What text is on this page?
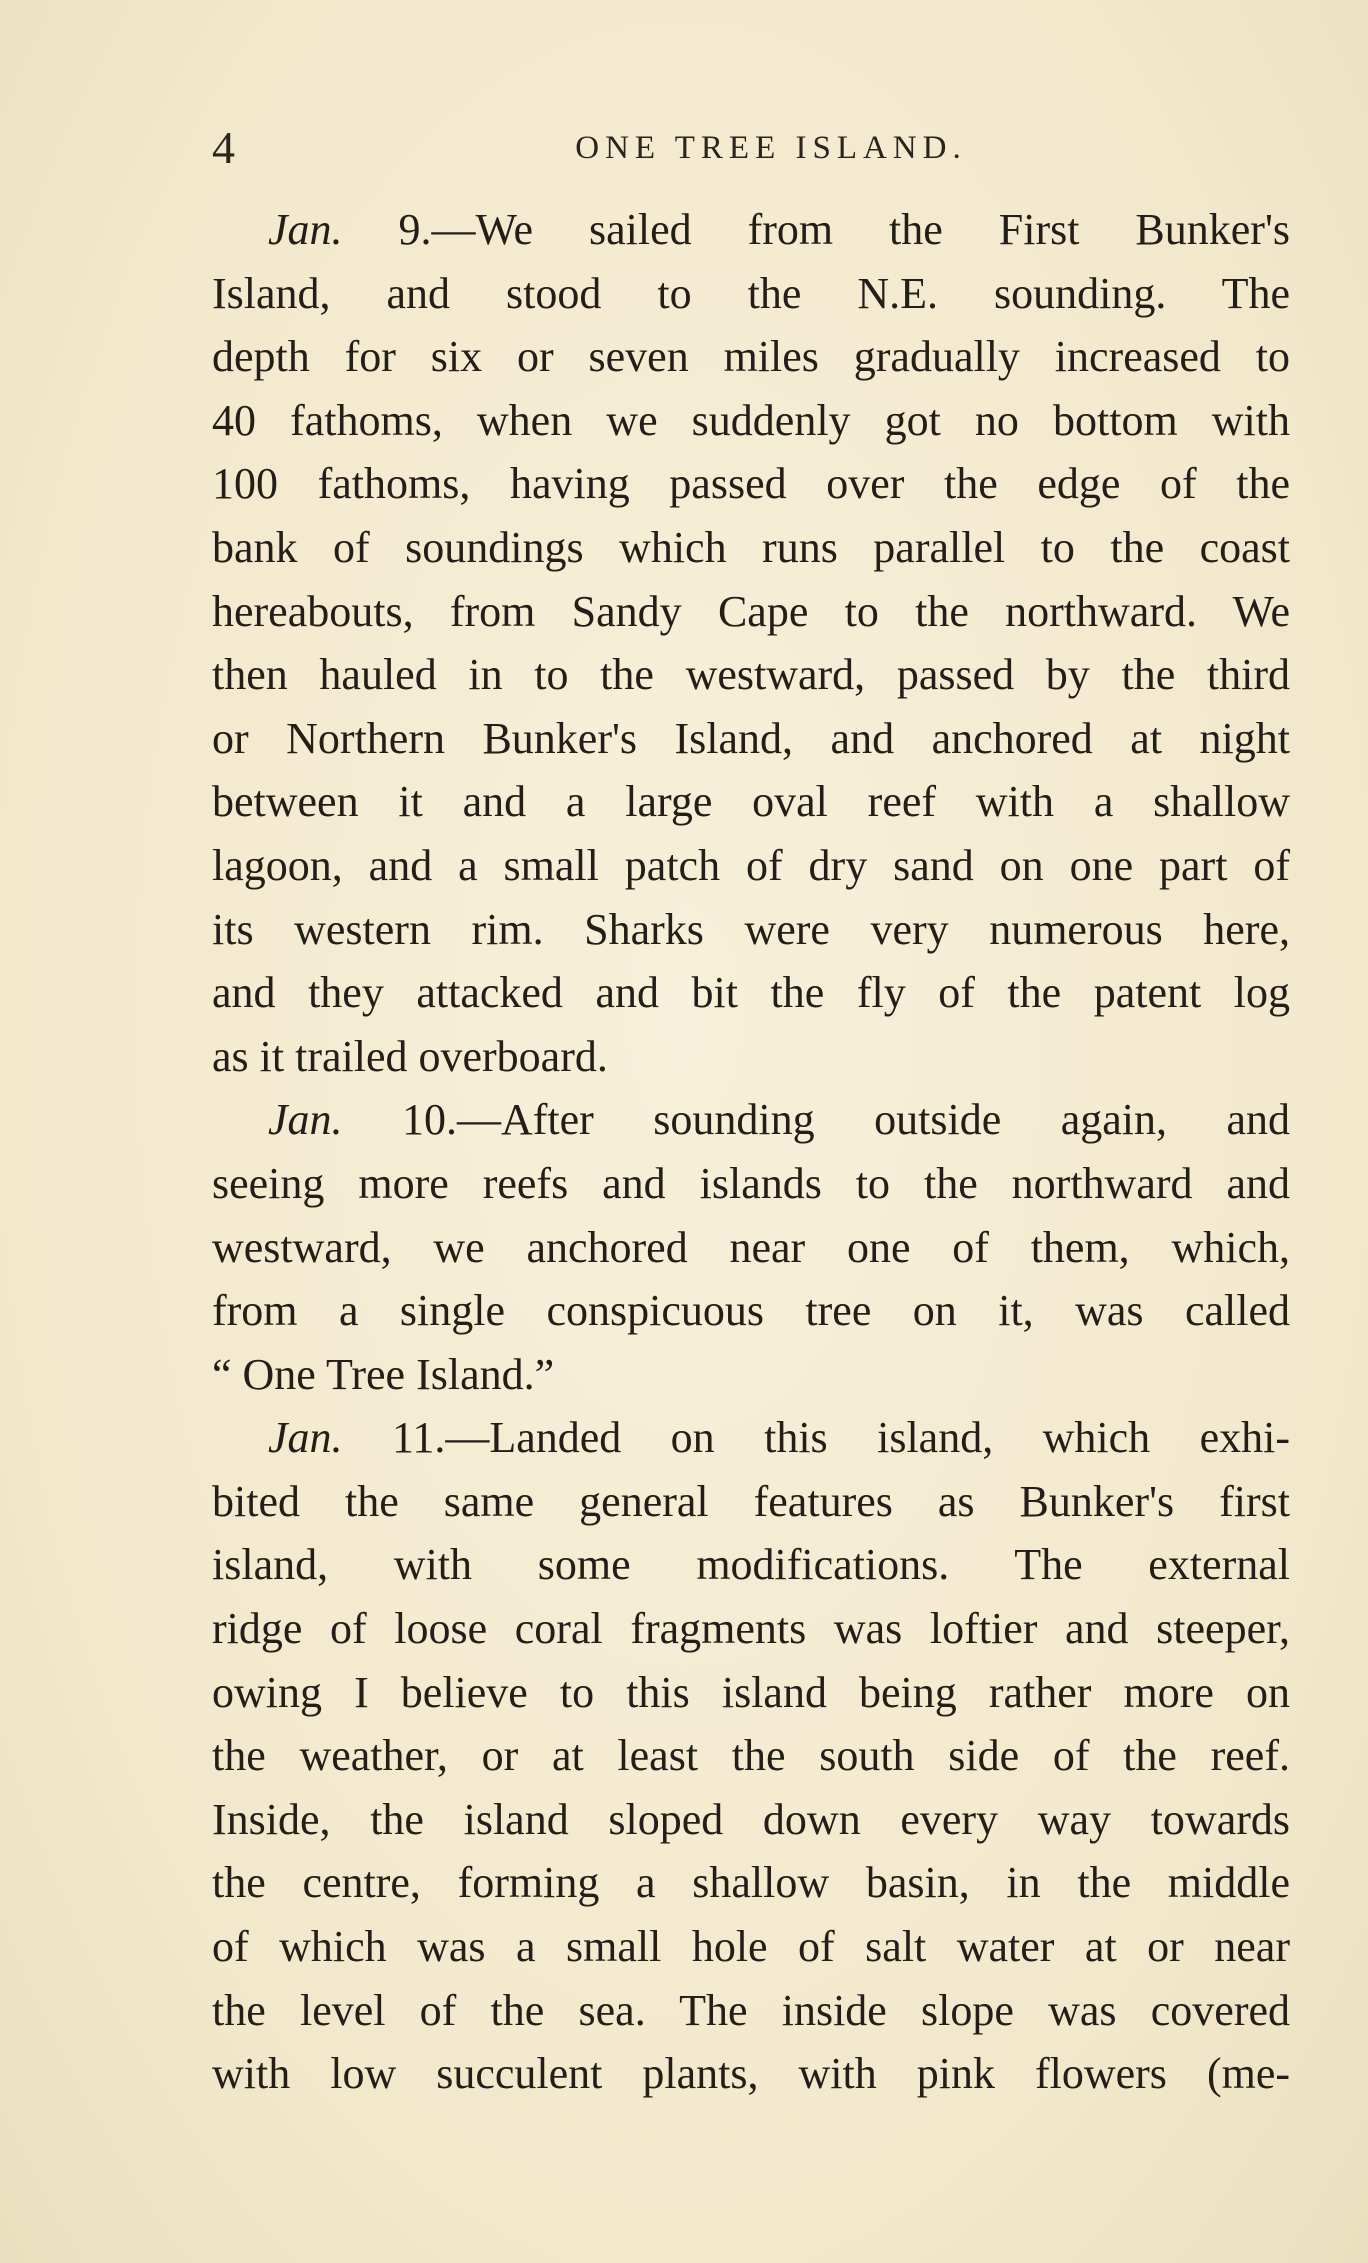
4	ONE TREE ISLAND.
Jan. 9.—We sailed from the First Bunker's
Island, and stood to the N.E. sounding. The
depth for six or seven miles gradually increased to
40 fathoms, when we suddenly got no bottom with
100 fathoms, having passed over the edge of the
bank of soundings which runs parallel to the coast
hereabouts, from Sandy Cape to the northward. We
then hauled in to the westward, passed by the third
or Northern Bunker's Island, and anchored at night
between it and a large oval reef with a shallow
lagoon, and a small patch of dry sand on one part of
its western rim. Sharks were very numerous here,
and they attacked and bit the fly of the patent log
as it trailed overboard.
Jan. 10.—After sounding outside again, and
seeing more reefs and islands to the northward and
westward, we anchored near one of them, which,
from a single conspicuous tree on it, was called
“ One Tree Island.”
Jan. 11.—Landed on this island, which exhi-
bited the same general features as Bunker's first
island, with some modifications. The external
ridge of loose coral fragments was loftier and steeper,
owing I believe to this island being rather more on
the weather, or at least the south side of the reef.
Inside, the island sloped down every way towards
the centre, forming a shallow basin, in the middle
of which was a small hole of salt water at or near
the level of the sea. The inside slope was covered
with low succulent plants, with pink flowers (me-
